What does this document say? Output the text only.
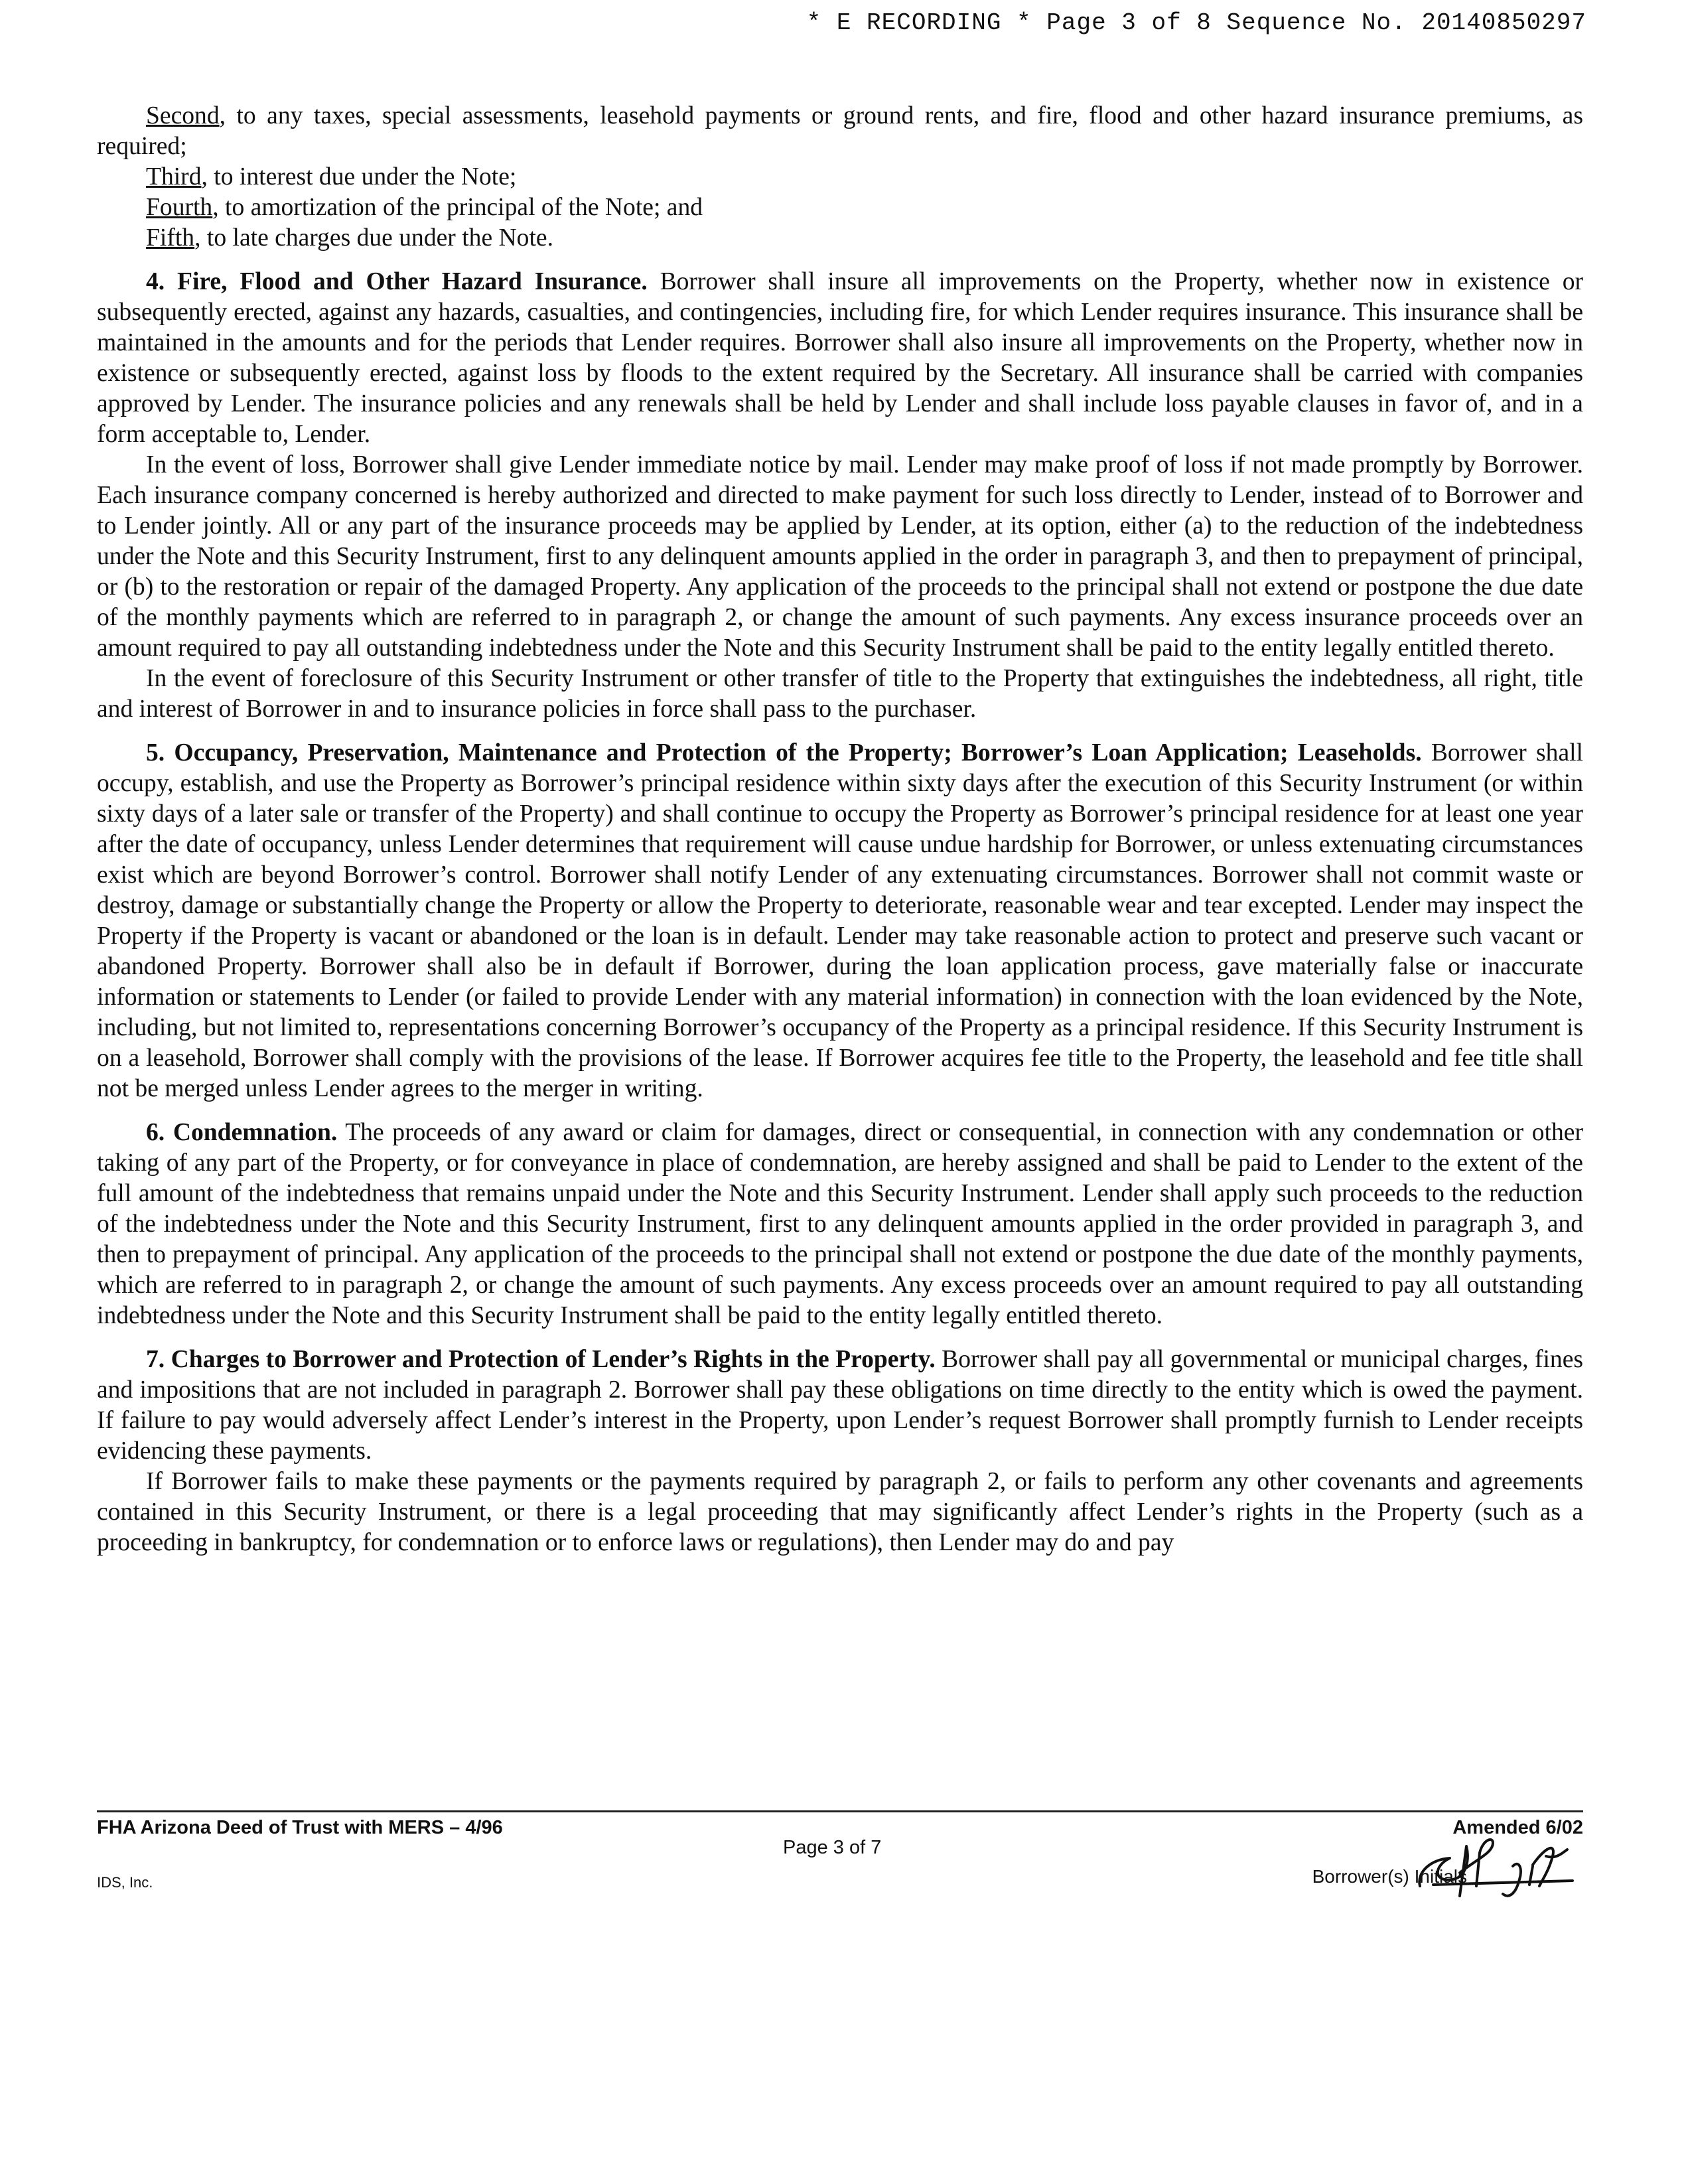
* E RECORDING * Page 3 of 8 Sequence No. 20140850297

Second, to any taxes, special assessments, leasehold payments or ground rents, and fire, flood and other hazard insurance premiums, as required;

Third, to interest due under the Note;

Fourth, to amortization of the principal of the Note; and

Fifth, to late charges due under the Note.

4. Fire, Flood and Other Hazard Insurance. Borrower shall insure all improvements on the Property, whether now in existence or subsequently erected, against any hazards, casualties, and contingencies, including fire, for which Lender requires insurance. This insurance shall be maintained in the amounts and for the periods that Lender requires. Borrower shall also insure all improvements on the Property, whether now in existence or subsequently erected, against loss by floods to the extent required by the Secretary. All insurance shall be carried with companies approved by Lender. The insurance policies and any renewals shall be held by Lender and shall include loss payable clauses in favor of, and in a form acceptable to, Lender.

In the event of loss, Borrower shall give Lender immediate notice by mail. Lender may make proof of loss if not made promptly by Borrower. Each insurance company concerned is hereby authorized and directed to make payment for such loss directly to Lender, instead of to Borrower and to Lender jointly. All or any part of the insurance proceeds may be applied by Lender, at its option, either (a) to the reduction of the indebtedness under the Note and this Security Instrument, first to any delinquent amounts applied in the order in paragraph 3, and then to prepayment of principal, or (b) to the restoration or repair of the damaged Property. Any application of the proceeds to the principal shall not extend or postpone the due date of the monthly payments which are referred to in paragraph 2, or change the amount of such payments. Any excess insurance proceeds over an amount required to pay all outstanding indebtedness under the Note and this Security Instrument shall be paid to the entity legally entitled thereto.

In the event of foreclosure of this Security Instrument or other transfer of title to the Property that extinguishes the indebtedness, all right, title and interest of Borrower in and to insurance policies in force shall pass to the purchaser.

5. Occupancy, Preservation, Maintenance and Protection of the Property; Borrower’s Loan Application; Leaseholds. Borrower shall occupy, establish, and use the Property as Borrower’s principal residence within sixty days after the execution of this Security Instrument (or within sixty days of a later sale or transfer of the Property) and shall continue to occupy the Property as Borrower’s principal residence for at least one year after the date of occupancy, unless Lender determines that requirement will cause undue hardship for Borrower, or unless extenuating circumstances exist which are beyond Borrower’s control. Borrower shall notify Lender of any extenuating circumstances. Borrower shall not commit waste or destroy, damage or substantially change the Property or allow the Property to deteriorate, reasonable wear and tear excepted. Lender may inspect the Property if the Property is vacant or abandoned or the loan is in default. Lender may take reasonable action to protect and preserve such vacant or abandoned Property. Borrower shall also be in default if Borrower, during the loan application process, gave materially false or inaccurate information or statements to Lender (or failed to provide Lender with any material information) in connection with the loan evidenced by the Note, including, but not limited to, representations concerning Borrower’s occupancy of the Property as a principal residence. If this Security Instrument is on a leasehold, Borrower shall comply with the provisions of the lease. If Borrower acquires fee title to the Property, the leasehold and fee title shall not be merged unless Lender agrees to the merger in writing.

6. Condemnation. The proceeds of any award or claim for damages, direct or consequential, in connection with any condemnation or other taking of any part of the Property, or for conveyance in place of condemnation, are hereby assigned and shall be paid to Lender to the extent of the full amount of the indebtedness that remains unpaid under the Note and this Security Instrument. Lender shall apply such proceeds to the reduction of the indebtedness under the Note and this Security Instrument, first to any delinquent amounts applied in the order provided in paragraph 3, and then to prepayment of principal. Any application of the proceeds to the principal shall not extend or postpone the due date of the monthly payments, which are referred to in paragraph 2, or change the amount of such payments. Any excess proceeds over an amount required to pay all outstanding indebtedness under the Note and this Security Instrument shall be paid to the entity legally entitled thereto.

7. Charges to Borrower and Protection of Lender’s Rights in the Property. Borrower shall pay all governmental or municipal charges, fines and impositions that are not included in paragraph 2. Borrower shall pay these obligations on time directly to the entity which is owed the payment. If failure to pay would adversely affect Lender’s interest in the Property, upon Lender’s request Borrower shall promptly furnish to Lender receipts evidencing these payments.

If Borrower fails to make these payments or the payments required by paragraph 2, or fails to perform any other covenants and agreements contained in this Security Instrument, or there is a legal proceeding that may significantly affect Lender’s rights in the Property (such as a proceeding in bankruptcy, for condemnation or to enforce laws or regulations), then Lender may do and pay

FHA Arizona Deed of Trust with MERS – 4/96
IDS, Inc.
Page 3 of 7
Amended 6/02
Borrower(s) Initials
